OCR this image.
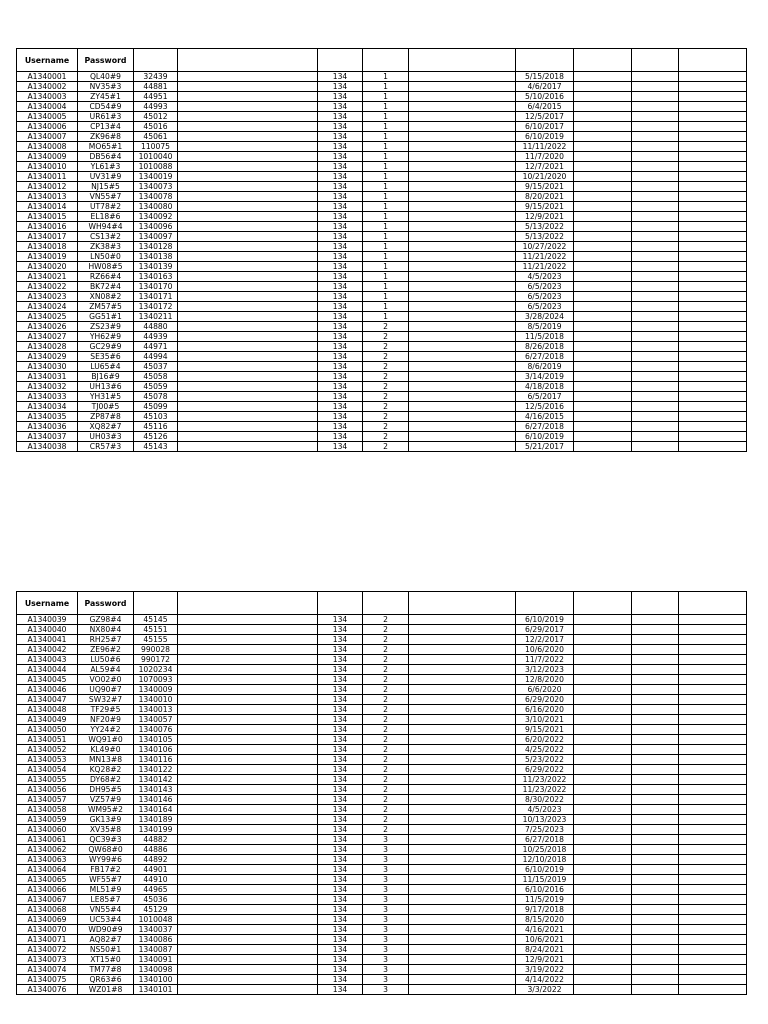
Username	Password									
A1340001	QL40#9	32439		134	1		5/15/2018			
A1340002	NV35#3	44881		134	1		4/6/2017			
A1340003	ZY45#1	44951		134	1		5/10/2016			
A1340004	CD54#9	44993		134	1		6/4/2015			
A1340005	UR61#3	45012		134	1		12/5/2017			
A1340006	CP13#4	45016		134	1		6/10/2017			
A1340007	ZK96#8	45061		134	1		6/10/2019			
A1340008	MO65#1	110075		134	1		11/11/2022			
A1340009	DB56#4	1010040		134	1		11/7/2020			
A1340010	YL61#3	1010088		134	1		12/7/2021			
A1340011	UV31#9	1340019		134	1		10/21/2020			
A1340012	NJ15#5	1340073		134	1		9/15/2021			
A1340013	VN55#7	1340078		134	1		8/20/2021			
A1340014	UT78#2	1340080		134	1		9/15/2021			
A1340015	EL18#6	1340092		134	1		12/9/2021			
A1340016	WH94#4	1340096		134	1		5/13/2022			
A1340017	CS13#2	1340097		134	1		5/13/2022			
A1340018	ZK38#3	1340128		134	1		10/27/2022			
A1340019	LN50#0	1340138		134	1		11/21/2022			
A1340020	HW08#5	1340139		134	1		11/21/2022			
A1340021	RZ66#4	1340163		134	1		4/5/2023			
A1340022	BK72#4	1340170		134	1		6/5/2023			
A1340023	XN08#2	1340171		134	1		6/5/2023			
A1340024	ZM57#5	1340172		134	1		6/5/2023			
A1340025	GG51#1	1340211		134	1		3/28/2024			
A1340026	ZS23#9	44880		134	2		8/5/2019			
A1340027	YH62#9	44939		134	2		11/5/2018			
A1340028	GC29#9	44971		134	2		8/26/2018			
A1340029	SE35#6	44994		134	2		6/27/2018			
A1340030	LU65#4	45037		134	2		8/6/2019			
A1340031	BJ16#9	45058		134	2		3/14/2019			
A1340032	UH13#6	45059		134	2		4/18/2018			
A1340033	YH31#5	45078		134	2		6/5/2017			
A1340034	TJ00#5	45099		134	2		12/5/2016			
A1340035	ZP87#8	45103		134	2		4/16/2015			
A1340036	XQ82#7	45116		134	2		6/27/2018			
A1340037	UH03#3	45126		134	2		6/10/2019			
A1340038	CR57#3	45143		134	2		5/21/2017			
Username	Password									
A1340039	GZ98#4	45145		134	2		6/10/2019			
A1340040	NX80#4	45151		134	2		6/29/2017			
A1340041	RH25#7	45155		134	2		12/2/2017			
A1340042	ZE96#2	990028		134	2		10/6/2020			
A1340043	LU50#6	990172		134	2		11/7/2022			
A1340044	AL59#4	1020234		134	2		3/12/2023			
A1340045	VO02#0	1070093		134	2		12/8/2020			
A1340046	UQ90#7	1340009		134	2		6/6/2020			
A1340047	SW32#7	1340010		134	2		6/29/2020			
A1340048	TF29#5	1340013		134	2		6/16/2020			
A1340049	NF20#9	1340057		134	2		3/10/2021			
A1340050	YY24#2	1340076		134	2		9/15/2021			
A1340051	WQ91#0	1340105		134	2		6/20/2022			
A1340052	KL49#0	1340106		134	2		4/25/2022			
A1340053	MN13#8	1340116		134	2		5/23/2022			
A1340054	KQ28#2	1340122		134	2		6/29/2022			
A1340055	DY68#2	1340142		134	2		11/23/2022			
A1340056	DH95#5	1340143		134	2		11/23/2022			
A1340057	VZ57#9	1340146		134	2		8/30/2022			
A1340058	WM95#2	1340164		134	2		4/5/2023			
A1340059	GK13#9	1340189		134	2		10/13/2023			
A1340060	XV35#8	1340199		134	2		7/25/2023			
A1340061	QC39#3	44882		134	3		6/27/2018			
A1340062	QW68#0	44886		134	3		10/25/2018			
A1340063	WY99#6	44892		134	3		12/10/2018			
A1340064	FB17#2	44901		134	3		6/10/2019			
A1340065	WF55#7	44910		134	3		11/15/2019			
A1340066	ML51#9	44965		134	3		6/10/2016			
A1340067	LE85#7	45036		134	3		11/5/2019			
A1340068	VN55#4	45129		134	3		9/17/2018			
A1340069	UC53#4	1010048		134	3		8/15/2020			
A1340070	WD90#9	1340037		134	3		4/16/2021			
A1340071	AQ82#7	1340086		134	3		10/6/2021			
A1340072	NS50#1	1340087		134	3		8/24/2021			
A1340073	XT15#0	1340091		134	3		12/9/2021			
A1340074	TM77#8	1340098		134	3		3/19/2022			
A1340075	QR63#6	1340100		134	3		4/14/2022			
A1340076	WZ01#8	1340101		134	3		3/3/2022			
